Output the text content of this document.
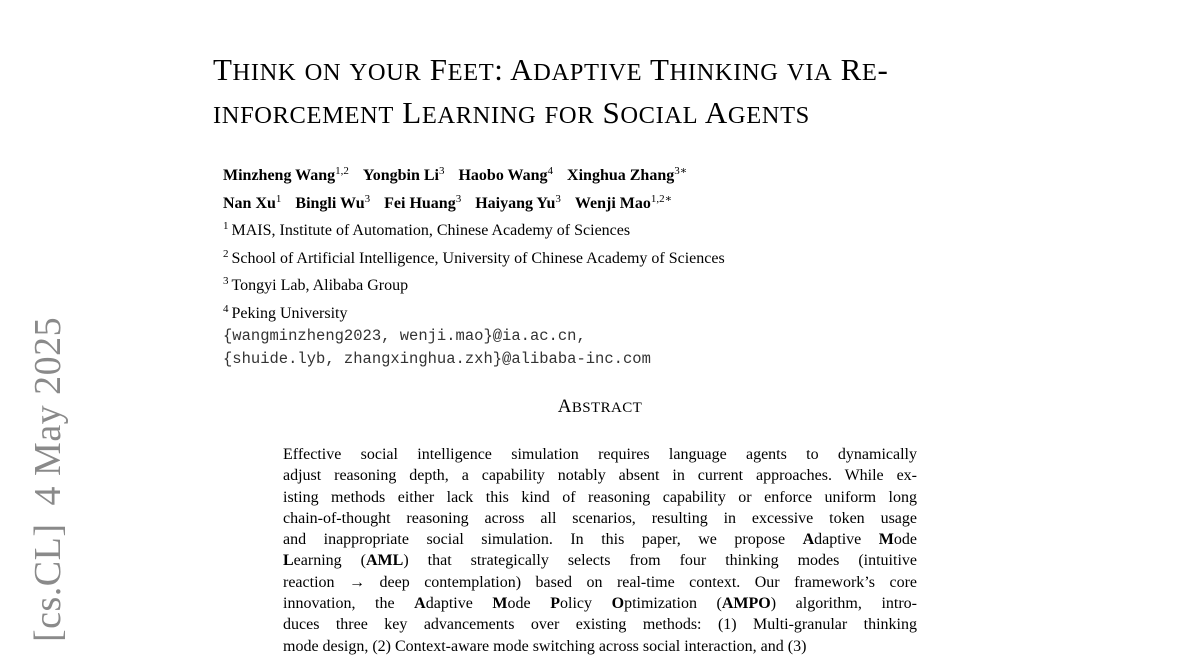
[cs.CL]4 May 2025
THINK ON YOUR FEET: ADAPTIVE THINKING VIA RE-
INFORCEMENT LEARNING FOR SOCIAL AGENTS
Minzheng Wang$^{1,2}$ Yongbin Li$^3$ Haobo Wang$^4$ Xinghua Zhang$^{3∗}$
Nan Xu$^1$ Bingli Wu$^3$ Fei Huang$^3$ Haiyang Yu$^3$ Wenji Mao$^{1,2∗}$
$^1$ MAIS, Institute of Automation, Chinese Academy of Sciences
$^2$ School of Artificial Intelligence, University of Chinese Academy of Sciences
$^3$ Tongyi Lab, Alibaba Group
$^4$ Peking University
{wangminzheng2023, wenji.mao}@ia.ac.cn,
{shuide.lyb, zhangxinghua.zxh}@alibaba-inc.com
ABSTRACT
Effective social intelligence simulation requires language agents to dynamically
adjust reasoning depth, a capability notably absent in current approaches. While ex-
isting methods either lack this kind of reasoning capability or enforce uniform long
chain-of-thought reasoning across all scenarios, resulting in excessive token usage
and inappropriate social simulation. In this paper, we propose Adaptive Mode
Learning (AML) that strategically selects from four thinking modes (intuitive
reaction → deep contemplation) based on real-time context. Our framework’s core
innovation, the Adaptive Mode Policy Optimization (AMPO) algorithm, intro-
duces three key advancements over existing methods: (1) Multi-granular thinking
mode design, (2) Context-aware mode switching across social interaction, and (3)
